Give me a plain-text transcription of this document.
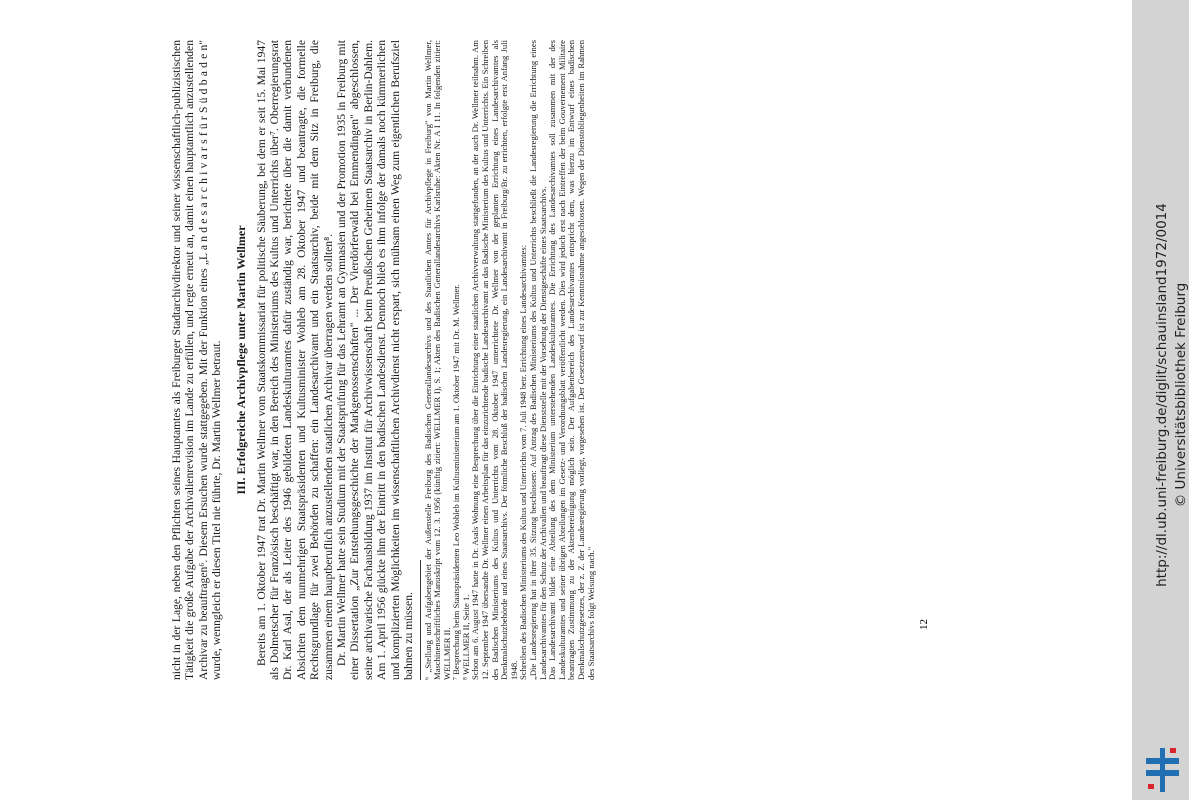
nicht in der Lage, neben den Pflichten seines Hauptamtes als Freiburger Stadtarchivdirektor und seiner wissenschaftlich-publizistischen Tätigkeit die große Aufgabe der Archivalienrevision im Lande zu erfüllen, und regte erneut an, damit einen hauptamtlich anzustellenden Archivar zu beauftragen⁶. Diesem Ersuchen wurde stattgegeben. Mit der Funktion eines „L a n d e s a r c h i v a r s f ü r S ü d b a d e n" wurde, wenngleich er diesen Titel nie führte, Dr. Martin Wellmer betraut. III. Erfolgreiche Archivpflege unter Martin Wellmer Bereits am 1. Oktober 1947 trat Dr. Martin Wellmer vom Staatskommissariat für politische Säuberung, bei dem er seit 15. Mai 1947 als Dolmetscher für Französisch beschäftigt war, in den Bereich des Ministeriums des Kultus und Unterrichts über⁷. Oberregierungsrat Dr. Karl Asal, der als Leiter des 1946 gebildeten Landeskulturamtes dafür zuständig war, berichtete über die damit verbundenen Absichten dem nunmehrigen Staatspräsidenten und Kultusminister Wohleb am 28. Oktober 1947 und beantragte, die formelle Rechtsgrundlage für zwei Behörden zu schaffen: ein Landesarchivamt und ein Staatsarchiv, beide mit dem Sitz in Freiburg, die zusammen einem hauptberuflich anzustellenden staatlichen Archivar überragen werden sollten⁸. Dr. Martin Wellmer hatte sein Studium mit der Staatsprüfung für das Lehramt an Gymnasien und der Promotion 1935 in Freiburg mit einer Dissertation „Zur Entstehungsgeschichte der Markgenossenschaften" ... Der Vierdörferwald bei Emmendingen" abgeschlossen, seine archivarische Fachausbildung 1937 im Institut für Archivwissenschaft beim Preußischen Geheimen Staatsarchiv in Berlin-Dahlem. Am 1. April 1956 glückte ihm der Eintritt in den badischen Landesdienst. Dennoch blieb es ihm infolge der damals noch kümmerlichen und komplizierten Möglichkeiten im wissenschaftlichen Archivdienst nicht erspart, sich mühsam einen Weg zum eigentlichen Berufsziel bahnen zu müssen. ⁶ „Stellung und Aufgabengebiet der Außenstelle Freiburg des Badischen Generallandesarchivs und des Staatlichen Amtes für Archivpflege in Freiburg" von Martin Wellmer, Maschinenschriftliches Manuskript vom 12. 3. 1956 (künftig zitiert: WELLMER I), S. 1; Akten des Badischen Generallandesarchivs Karlsruhe: Akten Nr. A I 11. In folgenden zitiert: WELLMER II. ⁷ Besprechung beim Staatspräsidenten Leo Wohleb im Kultusministerium am 1. Oktober 1947 mit Dr. M. Wellmer. ⁸ WELLMER II, Seite 1. Schon am 6. August 1947 hatte in Dr. Asals Wohnung eine Besprechung über die Einrichtung einer staatlichen Archivverwaltung stattgefunden, an der auch Dr. Wellmer teilnahm. Am 12. September 1947 übersandte Dr. Wellmer einen Arbeitsplan für das einzurichtende badische Landesarchivamt an das Badische Ministerium des Kultus und Unterrichts. Ein Schreiben des Badischen Ministeriums des Kultus und Unterrichts vom 28. Oktober 1947 unterrichtete Dr. Wellmer von der geplanten Errichtung eines Landesarchivamtes als Denkmalschutzbehörde und eines Staatsarchivs. Der förmliche Beschluß der badischen Landesregierung, ein Landesarchivamt in Freiburg/Br. zu errichten, erfolgte erst Anfang Juli 1948. Schreiben des Badischen Ministeriums des Kultus und Unterrichts vom 7. Juli 1948 betr. Errichtung eines Landesarchivamtes: „Die Landesregierung hat in ihrer 35. Sitzung beschlossen: Auf Antrag des Badischen Ministeriums des Kultus und Unterrichts beschließt die Landesregierung die Errichtung eines Landesarchivamtes für den Schutz der Archivalien und beauftragt diese Dienststelle mit der Vorsehung der Dienstgeschäfte eines Staatsarchivs. Das Landesarchivamt bildet eine Abteilung des dem Ministerium unterstehenden Landeskulturamtes. Die Errichtung des Landesarchivamtes soll zusammen mit der des Landeskulturamtes und seiner übrigen Abteilungen im Gesetz- und Verordnungsblatt veröffentlicht werden. Dies wird jedoch erst nach Eintreffen der beim Gouvernement Militaire beantragten Zustimmung zu der Aktenbereinigung möglich sein. Der Aufgabenbereich des Landesarchivamtes entspricht dem, was hierzu im Entwurf eines badischen Denkmalschutzgesetzes, der z. Z. der Landesregierung vorliegt, vorgesehen ist. Der Gesetzentwurf ist zur Kenntnisnahme angeschlossen. Wegen der Dienstobliegenheiten im Rahmen des Staatsarchivs folgt Weisung nach."	12
http://dl.ub.uni-freiburg.de/diglit/schauinsland1972/0014 © Universitätsbibliothek Freiburg
